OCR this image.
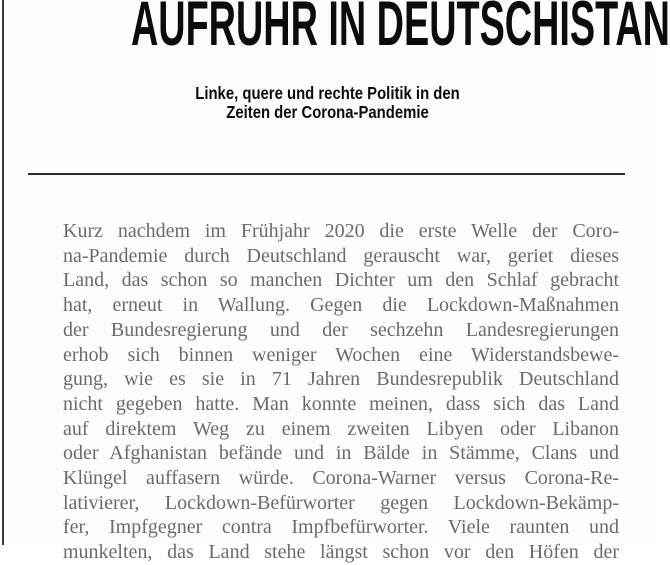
AUFRUHR IN DEUTSCHISTAN
Linke, quere und rechte Politik in den
Zeiten der Corona-Pandemie
Kurz nachdem im Frühjahr 2020 die erste Welle der Coro-
na-Pandemie durch Deutschland gerauscht war, geriet dieses
Land, das schon so manchen Dichter um den Schlaf gebracht
hat, erneut in Wallung. Gegen die Lockdown-Maßnahmen
der Bundesregierung und der sechzehn Landesregierungen
erhob sich binnen weniger Wochen eine Widerstandsbewe-
gung, wie es sie in 71 Jahren Bundesrepublik Deutschland
nicht gegeben hatte. Man konnte meinen, dass sich das Land
auf direktem Weg zu einem zweiten Libyen oder Libanon
oder Afghanistan befände und in Bälde in Stämme, Clans und
Klüngel auffasern würde. Corona-Warner versus Corona-Re-
lativierer, Lockdown-Befürworter gegen Lockdown-Bekämp-
fer, Impfgegner contra Impfbefürworter. Viele raunten und
munkelten, das Land stehe längst schon vor den Höfen der
